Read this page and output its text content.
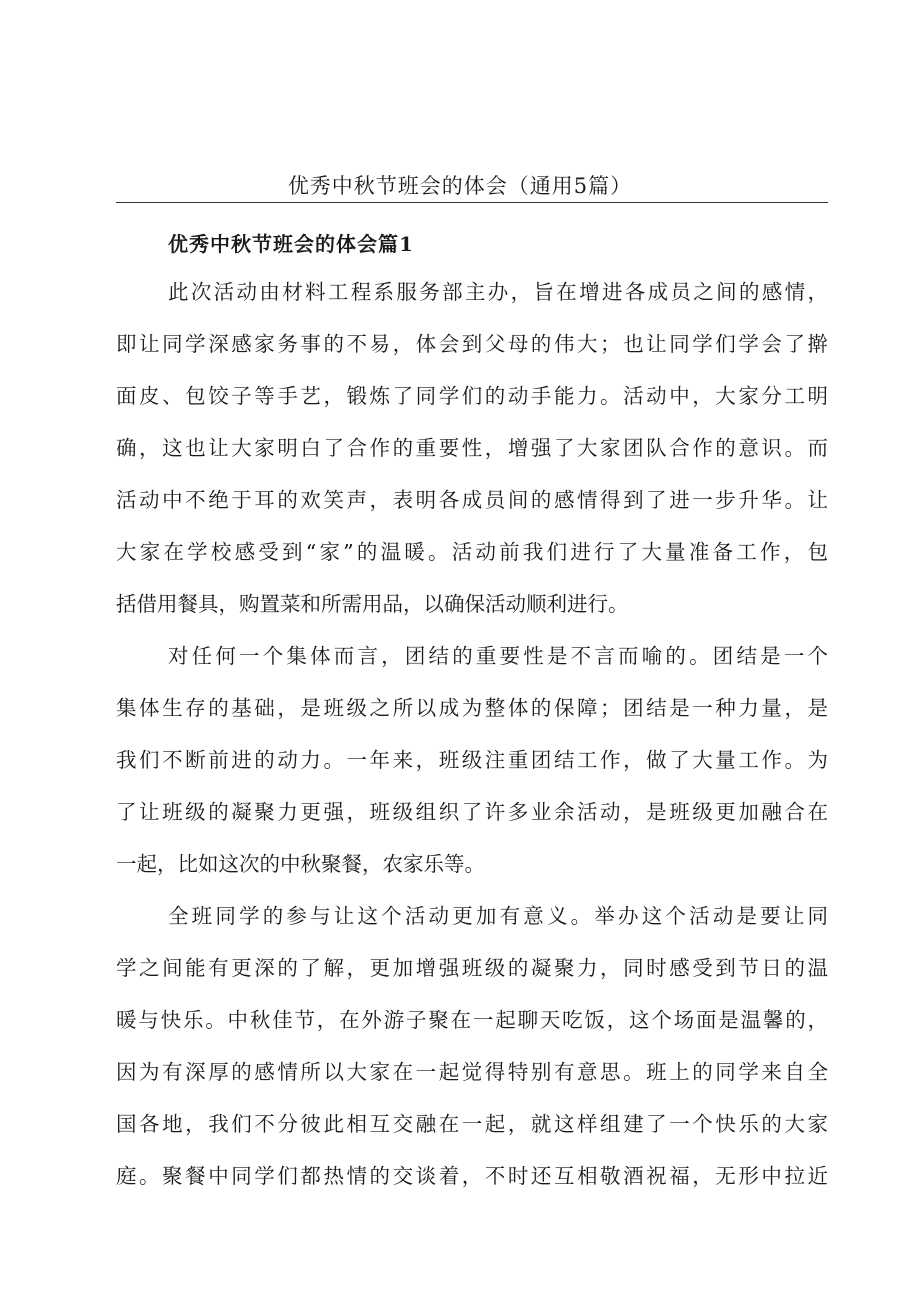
优秀中秋节班会的体会（通用5篇）
优秀中秋节班会的体会篇1
此次活动由材料工程系服务部主办，旨在增进各成员之间的感情，
即让同学深感家务事的不易，体会到父母的伟大；也让同学们学会了擀
面皮、包饺子等手艺，锻炼了同学们的动手能力。活动中，大家分工明
确，这也让大家明白了合作的重要性，增强了大家团队合作的意识。而
活动中不绝于耳的欢笑声，表明各成员间的感情得到了进一步升华。让
大家在学校感受到“家”的温暖。活动前我们进行了大量准备工作，包
括借用餐具，购置菜和所需用品，以确保活动顺利进行。
对任何一个集体而言，团结的重要性是不言而喻的。团结是一个
集体生存的基础，是班级之所以成为整体的保障；团结是一种力量，是
我们不断前进的动力。一年来，班级注重团结工作，做了大量工作。为
了让班级的凝聚力更强，班级组织了许多业余活动，是班级更加融合在
一起，比如这次的中秋聚餐，农家乐等。
全班同学的参与让这个活动更加有意义。举办这个活动是要让同
学之间能有更深的了解，更加增强班级的凝聚力，同时感受到节日的温
暖与快乐。中秋佳节，在外游子聚在一起聊天吃饭，这个场面是温馨的，
因为有深厚的感情所以大家在一起觉得特别有意思。班上的同学来自全
国各地，我们不分彼此相互交融在一起，就这样组建了一个快乐的大家
庭。聚餐中同学们都热情的交谈着，不时还互相敬酒祝福，无形中拉近
